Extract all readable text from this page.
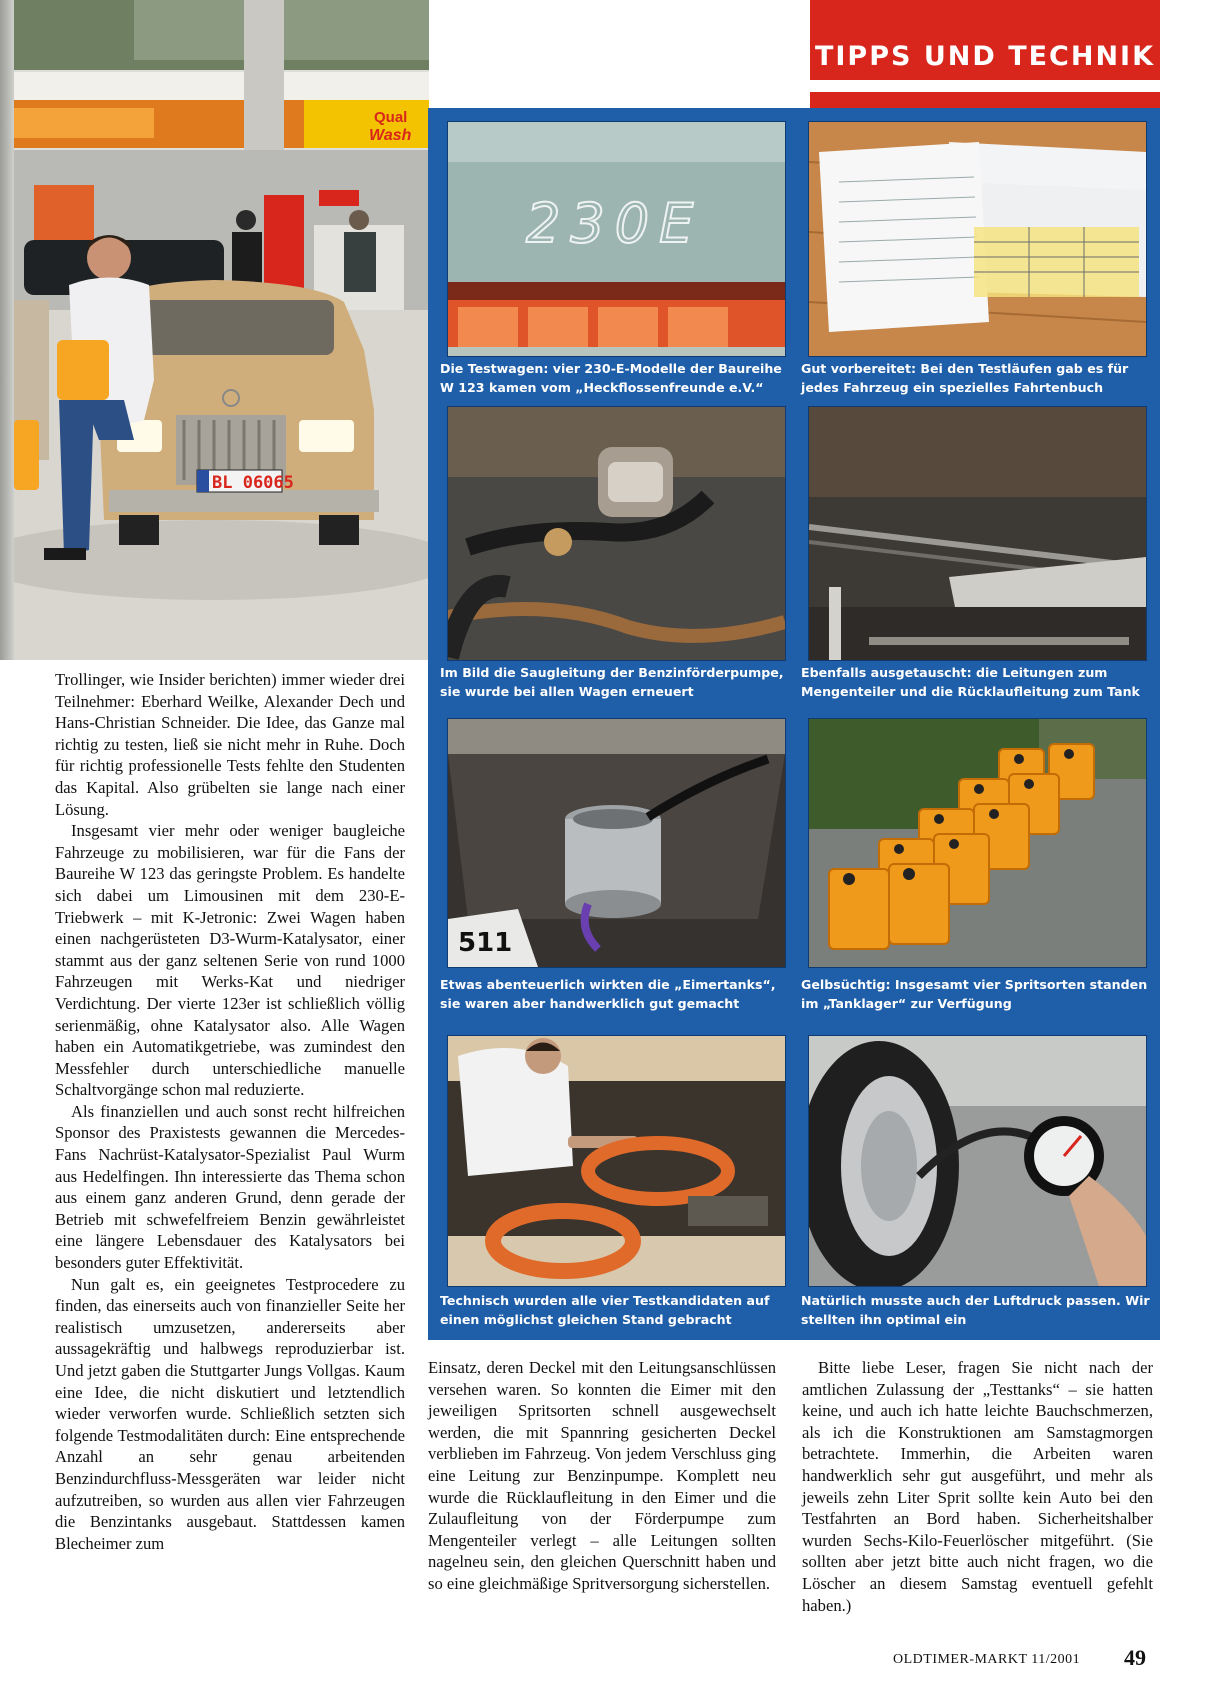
TIPPS UND TECHNIK
Wash
Qual
BL 06065
230E
Die Testwagen: vier 230-E-Modelle der Baureihe W 123 kamen vom „Heckflossenfreunde e.V.“
Gut vorbereitet: Bei den Testläufen gab es für jedes Fahrzeug ein spezielles Fahrtenbuch
Im Bild die Saugleitung der Benzinförderpumpe, sie wurde bei allen Wagen erneuert
Ebenfalls ausgetauscht: die Leitungen zum Mengenteiler und die Rücklaufleitung zum Tank
511
Etwas abenteuerlich wirkten die „Eimertanks“, sie waren aber handwerklich gut gemacht
Gelbsüchtig: Insgesamt vier Spritsorten standen im „Tanklager“ zur Verfügung
Technisch wurden alle vier Testkandidaten auf einen möglichst gleichen Stand gebracht
Natürlich musste auch der Luftdruck passen. Wir stellten ihn optimal ein

Trollinger, wie Insider berichten) immer wieder drei Teilnehmer: Eberhard Weilke, Alexander Dech und Hans-Christian Schneider. Die Idee, das Ganze mal richtig zu testen, ließ sie nicht mehr in Ruhe. Doch für richtig professionelle Tests fehlte den Studenten das Kapital. Also grübelten sie lange nach einer Lösung.

Insgesamt vier mehr oder weniger baugleiche Fahrzeuge zu mobilisieren, war für die Fans der Baureihe W 123 das geringste Problem. Es handelte sich dabei um Limousinen mit dem 230-E-Triebwerk – mit K-Jetronic: Zwei Wagen haben einen nachgerüsteten D3-Wurm-Katalysator, einer stammt aus der ganz seltenen Serie von rund 1000 Fahrzeugen mit Werks-Kat und niedriger Verdichtung. Der vierte 123er ist schließlich völlig serienmäßig, ohne Katalysator also. Alle Wagen haben ein Automatikgetriebe, was zumindest den Messfehler durch unterschiedliche manuelle Schaltvorgänge schon mal reduzierte.

Als finanziellen und auch sonst recht hilfreichen Sponsor des Praxistests gewannen die Mercedes-Fans Nachrüst-Katalysator-Spezialist Paul Wurm aus Hedelfingen. Ihn interessierte das Thema schon aus einem ganz anderen Grund, denn gerade der Betrieb mit schwefelfreiem Benzin gewährleistet eine längere Lebensdauer des Katalysators bei besonders guter Effektivität.

Nun galt es, ein geeignetes Testprocedere zu finden, das einerseits auch von finanzieller Seite her realistisch umzusetzen, andererseits aber aussagekräftig und halbwegs reproduzierbar ist. Und jetzt gaben die Stuttgarter Jungs Vollgas. Kaum eine Idee, die nicht diskutiert und letztendlich wieder verworfen wurde. Schließlich setzten sich folgende Testmodalitäten durch: Eine entsprechende Anzahl an sehr genau arbeitenden Benzindurchfluss-Messgeräten war leider nicht aufzutreiben, so wurden aus allen vier Fahrzeugen die Benzintanks ausgebaut. Stattdessen kamen Blecheimer zum

Einsatz, deren Deckel mit den Leitungsanschlüssen versehen waren. So konnten die Eimer mit den jeweiligen Spritsorten schnell ausgewechselt werden, die mit Spannring gesicherten Deckel verblieben im Fahrzeug. Von jedem Verschluss ging eine Leitung zur Benzinpumpe. Komplett neu wurde die Rücklaufleitung in den Eimer und die Zulaufleitung von der Förderpumpe zum Mengenteiler verlegt – alle Leitungen sollten nagelneu sein, den gleichen Querschnitt haben und so eine gleichmäßige Spritversorgung sicherstellen.

Bitte liebe Leser, fragen Sie nicht nach der amtlichen Zulassung der „Testtanks“ – sie hatten keine, und auch ich hatte leichte Bauchschmerzen, als ich die Konstruktionen am Samstagmorgen betrachtete. Immerhin, die Arbeiten waren handwerklich sehr gut ausgeführt, und mehr als jeweils zehn Liter Sprit sollte kein Auto bei den Testfahrten an Bord haben. Sicherheitshalber wurden Sechs-Kilo-Feuerlöscher mitgeführt. (Sie sollten aber jetzt bitte auch nicht fragen, wo die Löscher an diesem Samstag eventuell gefehlt haben.)

OLDTIMER-MARKT 11/2001 49
